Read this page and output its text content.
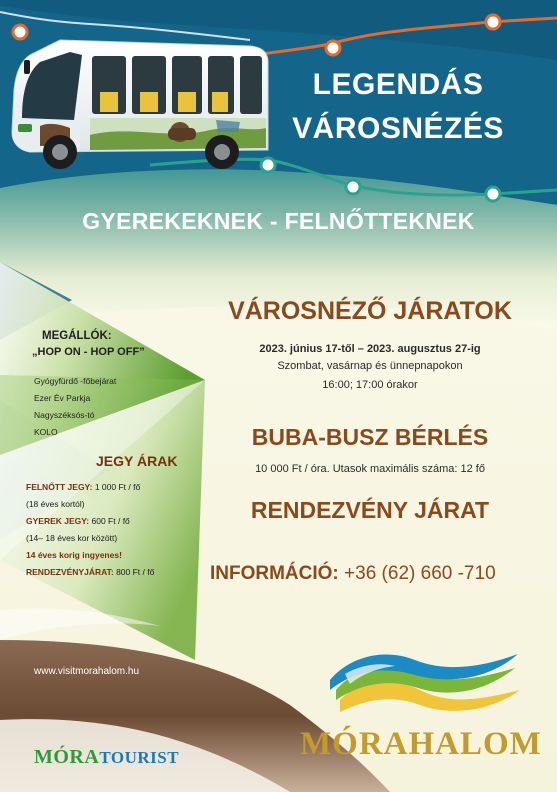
LEGENDÁS
VÁROSNÉZÉS
GYEREKEKNEK - FELNŐTTEKNEK
MEGÁLLÓK:
„HOP ON - HOP OFF”
Gyógyfürdő -főbejárat
Ezer Év Parkja
Nagyszéksós-tó
KOLO
JEGY ÁRAK
FELNŐTT JEGY: 1 000 Ft / fő
(18 éves kortól)
GYEREK JEGY: 600 Ft / fő
(14– 18 éves kor között)
14 éves korig ingyenes!
RENDEZVÉNYJÁRAT: 800 Ft / fő
VÁROSNÉZŐ JÁRATOK
2023. június 17-től – 2023. augusztus 27-ig
Szombat, vasárnap és ünnepnapokon
16:00; 17:00 órakor
BUBA-BUSZ BÉRLÉS
10 000 Ft / óra. Utasok maximális száma: 12 fő
RENDEZVÉNY JÁRAT
INFORMÁCIÓ: +36 (62) 660 -710
www.visitmorahalom.hu
MÓRATOURIST	MÓRAHALOM
